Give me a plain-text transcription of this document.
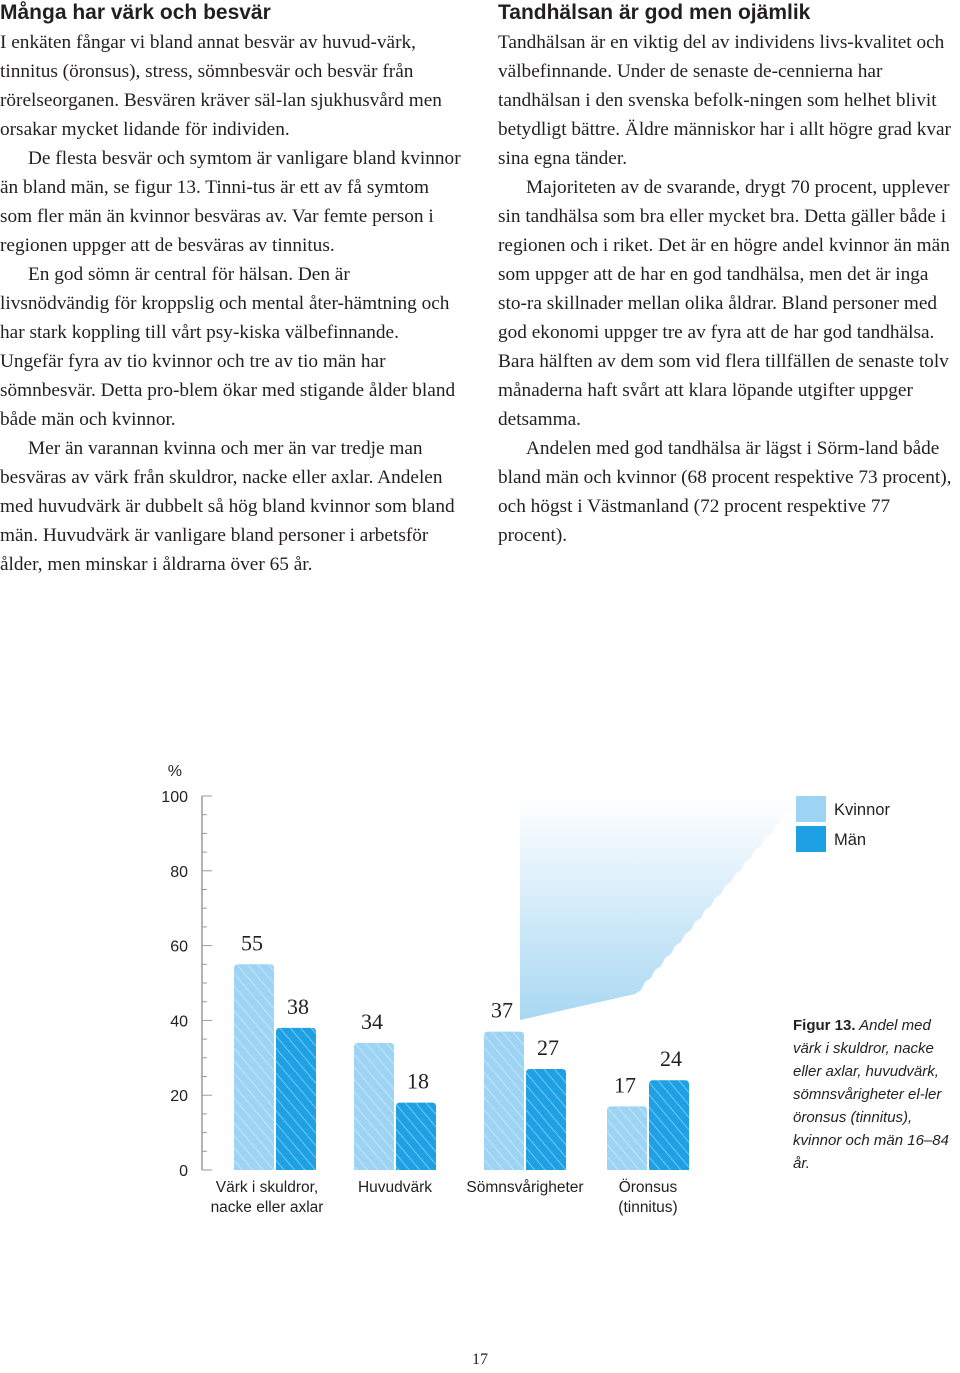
Många har värk och besvär

I enkäten fångar vi bland annat besvär av huvud-värk, tinnitus (öronsus), stress, sömnbesvär och besvär från rörelseorganen. Besvären kräver säl-lan sjukhusvård men orsakar mycket lidande för individen.

De flesta besvär och symtom är vanligare bland kvinnor än bland män, se figur 13. Tinni-tus är ett av få symtom som fler män än kvinnor besväras av. Var femte person i regionen uppger att de besväras av tinnitus.

En god sömn är central för hälsan. Den är livsnödvändig för kroppslig och mental åter-hämtning och har stark koppling till vårt psy-kiska välbefinnande. Ungefär fyra av tio kvinnor och tre av tio män har sömnbesvär. Detta pro-blem ökar med stigande ålder bland både män och kvinnor.

Mer än varannan kvinna och mer än var tredje man besväras av värk från skuldror, nacke eller axlar. Andelen med huvudvärk är dubbelt så hög bland kvinnor som bland män. Huvudvärk är vanligare bland personer i arbetsför ålder, men minskar i åldrarna över 65 år.

Tandhälsan är god men ojämlik

Tandhälsan är en viktig del av individens livs-kvalitet och välbefinnande. Under de senaste de-cennierna har tandhälsan i den svenska befolk-ningen som helhet blivit betydligt bättre. Äldre människor har i allt högre grad kvar sina egna tänder.

Majoriteten av de svarande, drygt 70 procent, upplever sin tandhälsa som bra eller mycket bra. Detta gäller både i regionen och i riket. Det är en högre andel kvinnor än män som uppger att de har en god tandhälsa, men det är inga sto-ra skillnader mellan olika åldrar. Bland personer med god ekonomi uppger tre av fyra att de har god tandhälsa. Bara hälften av dem som vid flera tillfällen de senaste tolv månaderna haft svårt att klara löpande utgifter uppger detsamma.

Andelen med god tandhälsa är lägst i Sörm-land både bland män och kvinnor (68 procent respektive 73 procent), och högst i Västmanland (72 procent respektive 77 procent).

%
0
20
40
60
80
100
55
34	37
17
38
18
27	24
Kvinnor
Män
Värk i skuldror,
nacke eller axlar
Huvudvärk Sömnsvårigheter Öronsus
(tinnitus)
Figur 13. Andel med värk i skuldror, nacke eller axlar, huvudvärk, sömnsvårigheter el-ler öronsus (tinnitus), kvinnor och män 16–84 år.
17
